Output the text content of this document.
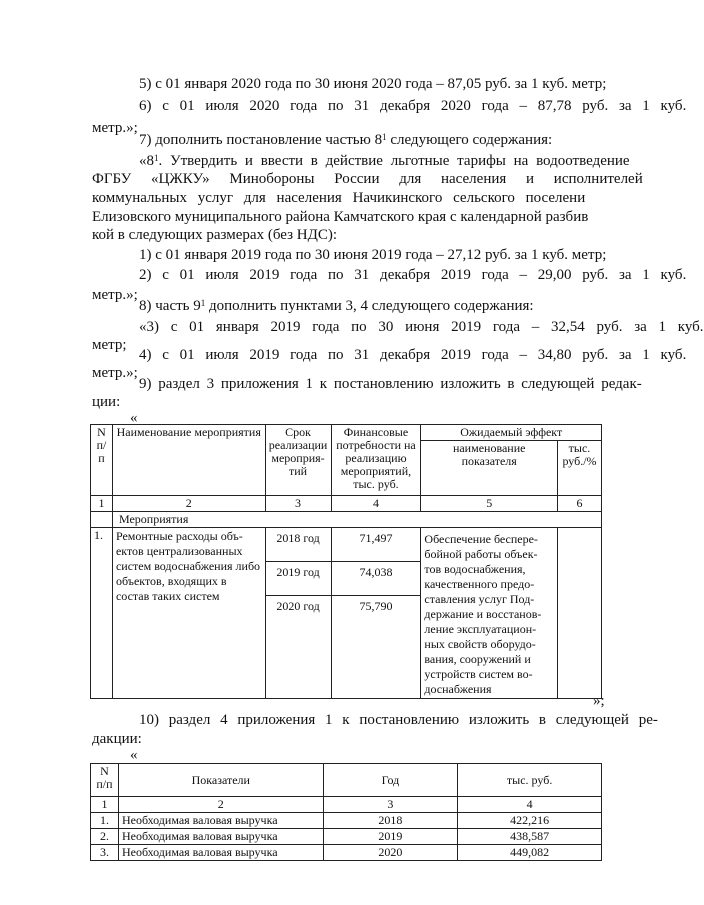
5) с 01 января 2020 года по 30 июня 2020 года – 87,05 руб. за 1 куб. метр;
6) с 01 июля 2020 года по 31 декабря 2020 года – 87,78 руб. за 1 куб.
метр.»;
7) дополнить постановление частью $8^1$ следующего содержания:
«$8^1$. Утвердить и ввести в действие льготные тарифы на водоотведение
ФГБУ «ЦЖКУ» Минобороны России для населения и исполнителей
коммунальных услуг для населения Начикинского сельского поселени
Елизовского муниципального района Камчатского края с календарной разбив
кой в следующих размерах (без НДС):
1) с 01 января 2019 года по 30 июня 2019 года – 27,12 руб. за 1 куб. метр;
2) с 01 июля 2019 года по 31 декабря 2019 года – 29,00 руб. за 1 куб.
метр.»;
8) часть $9^1$ дополнить пунктами 3, 4 следующего содержания:
«3) с 01 января 2019 года по 30 июня 2019 года – 32,54 руб. за 1 куб.
метр;
4) с 01 июля 2019 года по 31 декабря 2019 года – 34,80 руб. за 1 куб.
метр.»;
9) раздел 3 приложения 1 к постановлению изложить в следующей редак-
ции:
«
N п/ п	Наименование мероприятия	Срок реализации мероприя- тий	Финансовые потребности на реализацию мероприятий, тыс. руб.	Ожидаемый эффект	
				наименование показателя	тыс. руб./%
1	2	3	4	5	6
	Мероприятия				
1.	Ремонтные расходы объ- ектов централизованных систем водоснабжения либо объектов, входящих в состав таких систем	2018 год	71,497	Обеспечение беспере- бойной работы объек- тов водоснабжения, качественного предо- ставления услуг Под- держание и восстанов- ление эксплуатацион- ных свойств оборудо- вания, сооружений и устройств систем во- доснабжения	
		2019 год	74,038		
		2020 год	75,790		
»;
10) раздел 4 приложения 1 к постановлению изложить в следующей ре-
дакции:
«
N п/п	Показатели	Год	тыс. руб.
1	2	3	4
1.	Необходимая валовая выручка	2018	422,216
2.	Необходимая валовая выручка	2019	438,587
3.	Необходимая валовая выручка	2020	449,082
